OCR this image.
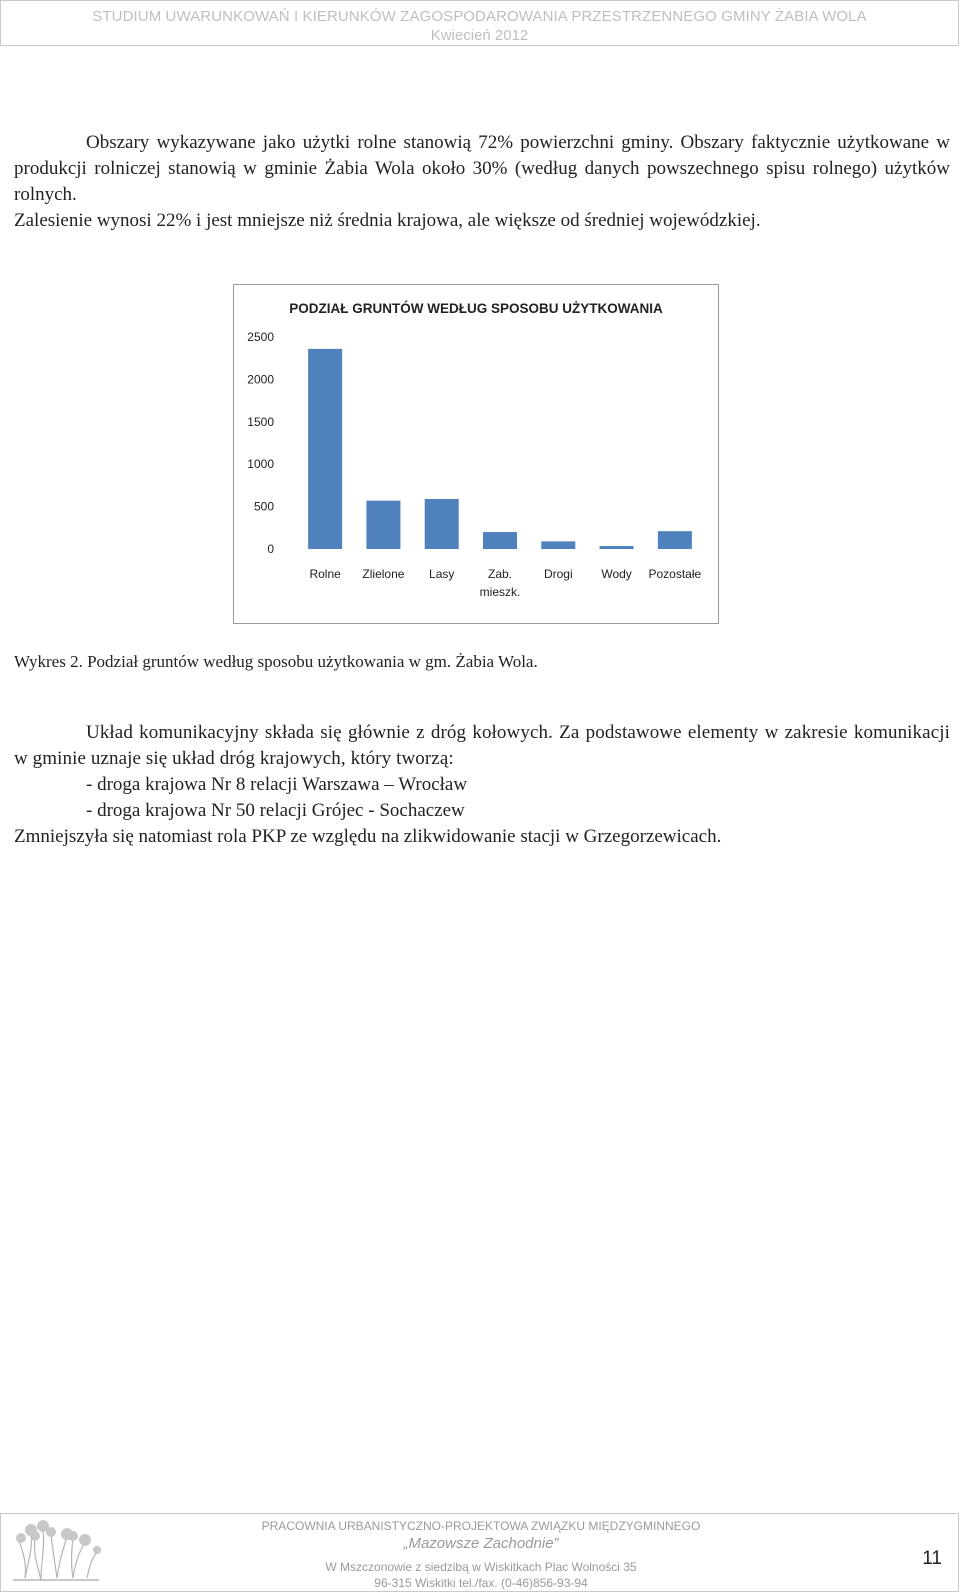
STUDIUM UWARUNKOWAŃ I KIERUNKÓW ZAGOSPODAROWANIA PRZESTRZENNEGO GMINY ŻABIA WOLA
Kwiecień 2012

Obszary wykazywane jako użytki rolne stanowią 72% powierzchni gminy. Obszary faktycznie użytkowane w produkcji rolniczej stanowią w gminie Żabia Wola około 30% (według danych powszechnego spisu rolnego) użytków rolnych.

Zalesienie wynosi 22% i jest mniejsze niż średnia krajowa, ale większe od średniej wojewódzkiej.

PODZIAŁ GRUNTÓW WEDŁUG SPOSOBU UŻYTKOWANIA
0
500
1000
1500
2000
2500
Rolne Zlielone Lasy	Zab.
mieszk.
Drogi Wody Pozostałe
Wykres 2. Podział gruntów według sposobu użytkowania w gm. Żabia Wola.

Układ komunikacyjny składa się głównie z dróg kołowych. Za podstawowe elementy w zakresie komunikacji w gminie uznaje się układ dróg krajowych, który tworzą:

- droga krajowa Nr 8 relacji Warszawa – Wrocław

- droga krajowa Nr 50 relacji Grójec - Sochaczew

Zmniejszyła się natomiast rola PKP ze względu na zlikwidowanie stacji w Grzegorzewicach.

PRACOWNIA URBANISTYCZNO-PROJEKTOWA ZWIĄZKU MIĘDZYGMINNEGO
„Mazowsze Zachodnie”
W Mszczonowie z siedzibą w Wiskitkach Plac Wolności 35
96-315 Wiskitki tel./fax. (0-46)856-93-94
11
